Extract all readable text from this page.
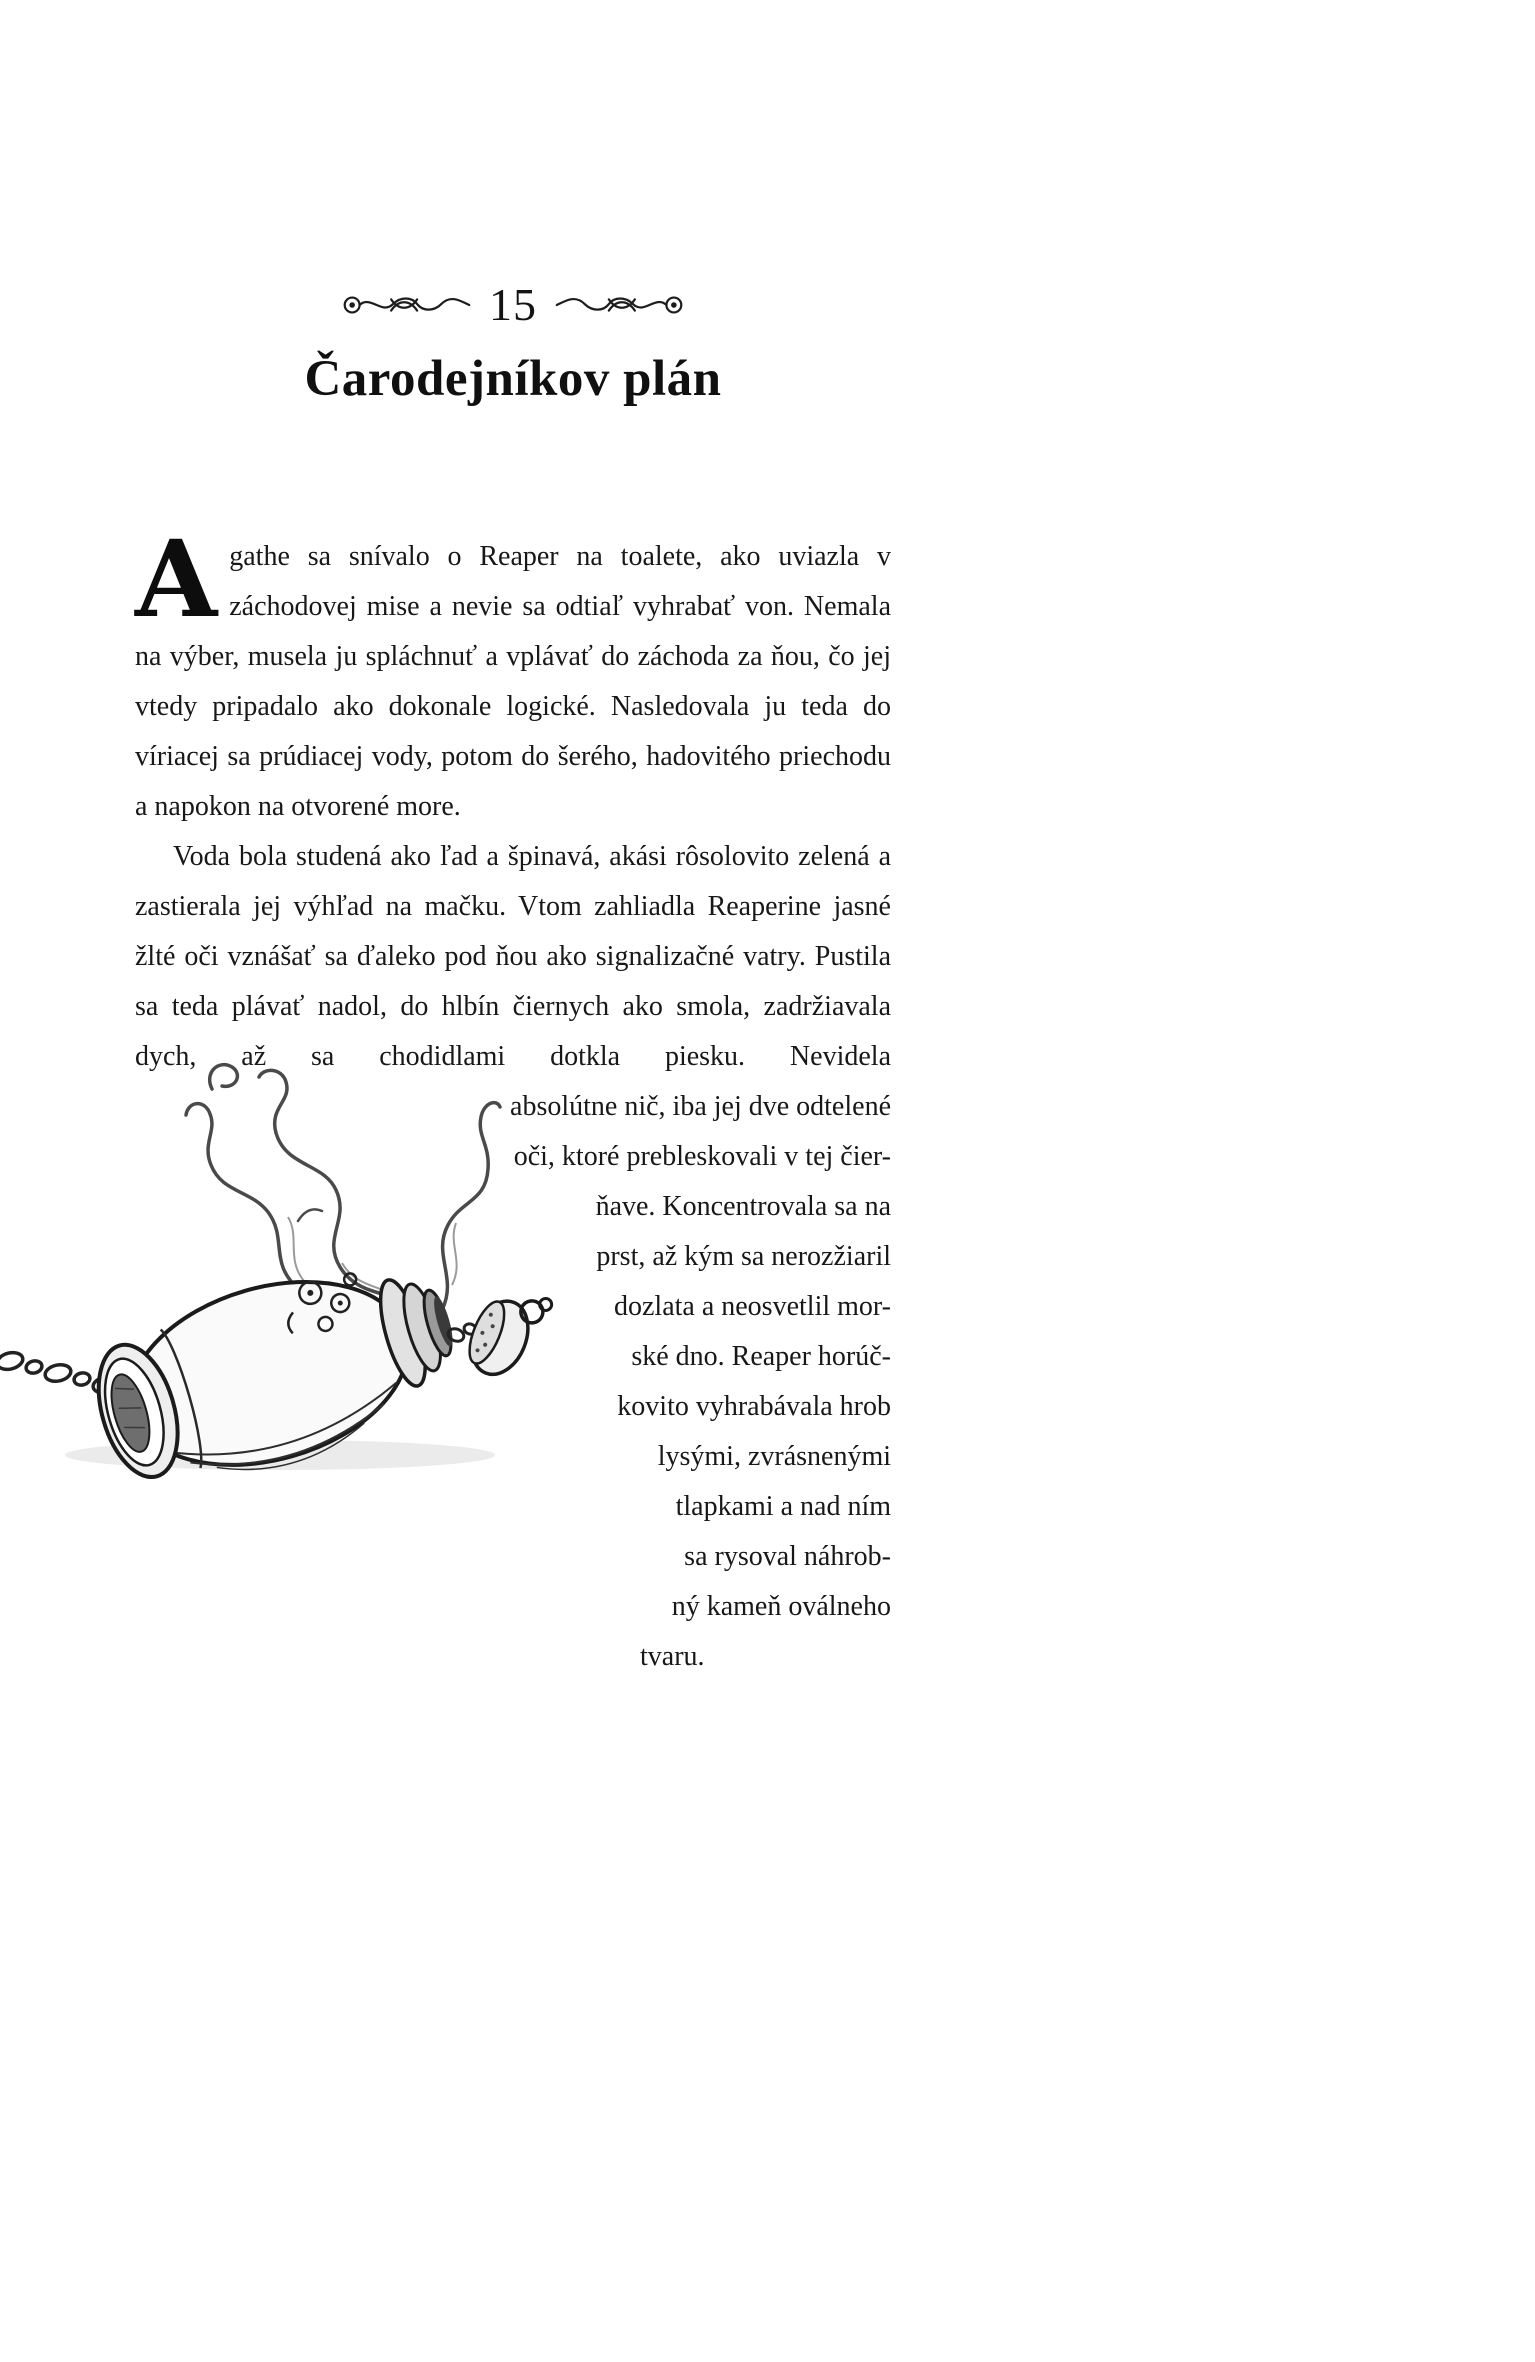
15
Čarodejníkov plán

Agathe sa snívalo o Reaper na toalete, ako uviazla v záchodovej mise a nevie sa odtiaľ vyhrabať von. Nemala na výber, musela ju spláchnuť a vplávať do záchoda za ňou, čo jej vtedy pripadalo ako dokonale logické. Nasledovala ju teda do víriacej sa prúdiacej vody, potom do šerého, hadovitého priechodu a napokon na otvorené more.

Voda bola studená ako ľad a špinavá, akási rôsolovito zelená a zastierala jej výhľad na mačku. Vtom zahliadla Reaperine jasné žlté oči vznášať sa ďaleko pod ňou ako signalizačné vatry. Pustila sa teda plávať nadol, do hlbín čiernych ako smola, zadržiavala dych, až sa chodidlami dotkla piesku. Nevidela

absolútne nič, iba jej dve odtelené
oči, ktoré prebleskovali v tej čier-
ňave. Koncentrovala sa na
prst, až kým sa nerozžiaril
dozlata a neosvetlil mor-
ské dno. Reaper horúč-
kovito vyhrabávala hrob
lysými, zvrásnenými
tlapkami a nad ním
sa rysoval náhrob-
ný kameň oválneho
tvaru.
